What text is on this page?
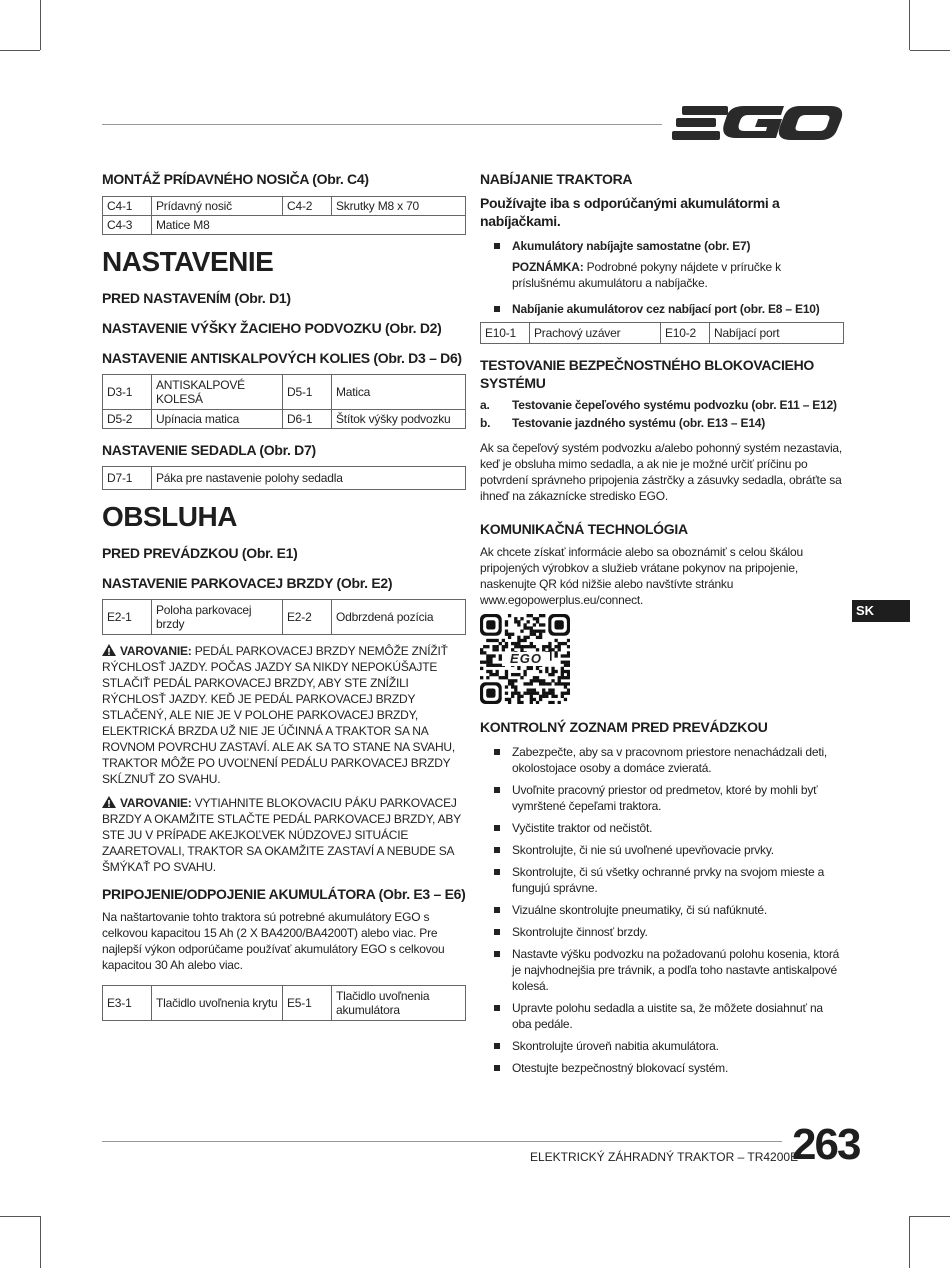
MONTÁŽ PRÍDAVNÉHO NOSIČA (Obr. C4)
C4-1	Prídavný nosič	C4-2	Skrutky M8 x 70
C4-3	Matice M8		
NASTAVENIE
PRED NASTAVENÍM (Obr. D1)
NASTAVENIE VÝŠKY ŽACIEHO PODVOZKU (Obr. D2)
NASTAVENIE ANTISKALPOVÝCH KOLIES (Obr. D3 – D6)
D3-1	ANTISKALPOVÉ KOLESÁ	D5-1	Matica
D5-2	Upínacia matica	D6-1	Štítok výšky podvozku
NASTAVENIE SEDADLA (Obr. D7)
D7-1	Páka pre nastavenie polohy sedadla
OBSLUHA
PRED PREVÁDZKOU (Obr. E1)
NASTAVENIE PARKOVACEJ BRZDY (Obr. E2)
E2-1	Poloha parkovacej brzdy	E2-2	Odbrzdená pozícia
VAROVANIE: PEDÁL PARKOVACEJ BRZDY NEMÔŽE ZNÍŽIŤ RÝCHLOSŤ JAZDY. POČAS JAZDY SA NIKDY NEPOKÚŠAJTE STLAČIŤ PEDÁL PARKOVACEJ BRZDY, ABY STE ZNÍŽILI RÝCHLOSŤ JAZDY. KEĎ JE PEDÁL PARKOVACEJ BRZDY STLAČENÝ, ALE NIE JE V POLOHE PARKOVACEJ BRZDY, ELEKTRICKÁ BRZDA UŽ NIE JE ÚČINNÁ A TRAKTOR SA NA ROVNOM POVRCHU ZASTAVÍ. ALE AK SA TO STANE NA SVAHU, TRAKTOR MÔŽE PO UVOĽNENÍ PEDÁLU PARKOVACEJ BRZDY SKĹZNUŤ ZO SVAHU.
VAROVANIE: VYTIAHNITE BLOKOVACIU PÁKU PARKOVACEJ BRZDY A OKAMŽITE STLAČTE PEDÁL PARKOVACEJ BRZDY, ABY STE JU V PRÍPADE AKEJKOĽVEK NÚDZOVEJ SITUÁCIE ZAARETOVALI, TRAKTOR SA OKAMŽITE ZASTAVÍ A NEBUDE SA ŠMÝKAŤ PO SVAHU.
PRIPOJENIE/ODPOJENIE AKUMULÁTORA (Obr. E3 – E6)

Na naštartovanie tohto traktora sú potrebné akumulátory EGO s celkovou kapacitou 15 Ah (2 X BA4200/BA4200T) alebo viac. Pre najlepší výkon odporúčame používať akumulátory EGO s celkovou kapacitou 30 Ah alebo viac.

E3-1	Tlačidlo uvoľnenia krytu	E5-1	Tlačidlo uvoľnenia akumulátora
NABÍJANIE TRAKTORA
Používajte iba s odporúčanými akumulátormi a nabíjačkami.
Akumulátory nabíjajte samostatne (obr. E7)

POZNÁMKA: Podrobné pokyny nájdete v príručke k príslušnému akumulátoru a nabíjačke.

Nabíjanie akumulátorov cez nabíjací port (obr. E8 – E10)
E10-1	Prachový uzáver	E10-2	Nabíjací port
TESTOVANIE BEZPEČNOSTNÉHO BLOKOVACIEHO SYSTÉMU
a. Testovanie čepeľového systému podvozku (obr. E11 – E12)
b. Testovanie jazdného systému (obr. E13 – E14)

Ak sa čepeľový systém podvozku a/alebo pohonný systém nezastavia, keď je obsluha mimo sedadla, a ak nie je možné určiť príčinu po potvrdení správneho pripojenia zástrčky a zásuvky sedadla, obráťte sa ihneď na zákaznícke stredisko EGO.

KOMUNIKAČNÁ TECHNOLÓGIA

Ak chcete získať informácie alebo sa oboznámiť s celou škálou pripojených výrobkov a služieb vrátane pokynov na pripojenie, naskenujte QR kód nižšie alebo navštívte stránku www.egopowerplus.eu/connect.

EGO
KONTROLNÝ ZOZNAM PRED PREVÁDZKOU
Zabezpečte, aby sa v pracovnom priestore nenachádzali deti, okolostojace osoby a domáce zvieratá.
Uvoľnite pracovný priestor od predmetov, ktoré by mohli byť vymrštené čepeľami traktora.
Vyčistite traktor od nečistôt.
Skontrolujte, či nie sú uvoľnené upevňovacie prvky.
Skontrolujte, či sú všetky ochranné prvky na svojom mieste a fungujú správne.
Vizuálne skontrolujte pneumatiky, či sú nafúknuté.
Skontrolujte činnosť brzdy.
Nastavte výšku podvozku na požadovanú polohu kosenia, ktorá je najvhodnejšia pre trávnik, a podľa toho nastavte antiskalpové kolesá.
Upravte polohu sedadla a uistite sa, že môžete dosiahnuť na oba pedále.
Skontrolujte úroveň nabitia akumulátora.
Otestujte bezpečnostný blokovací systém.
SK
ELEKTRICKÝ ZÁHRADNÝ TRAKTOR – TR4200E
263
